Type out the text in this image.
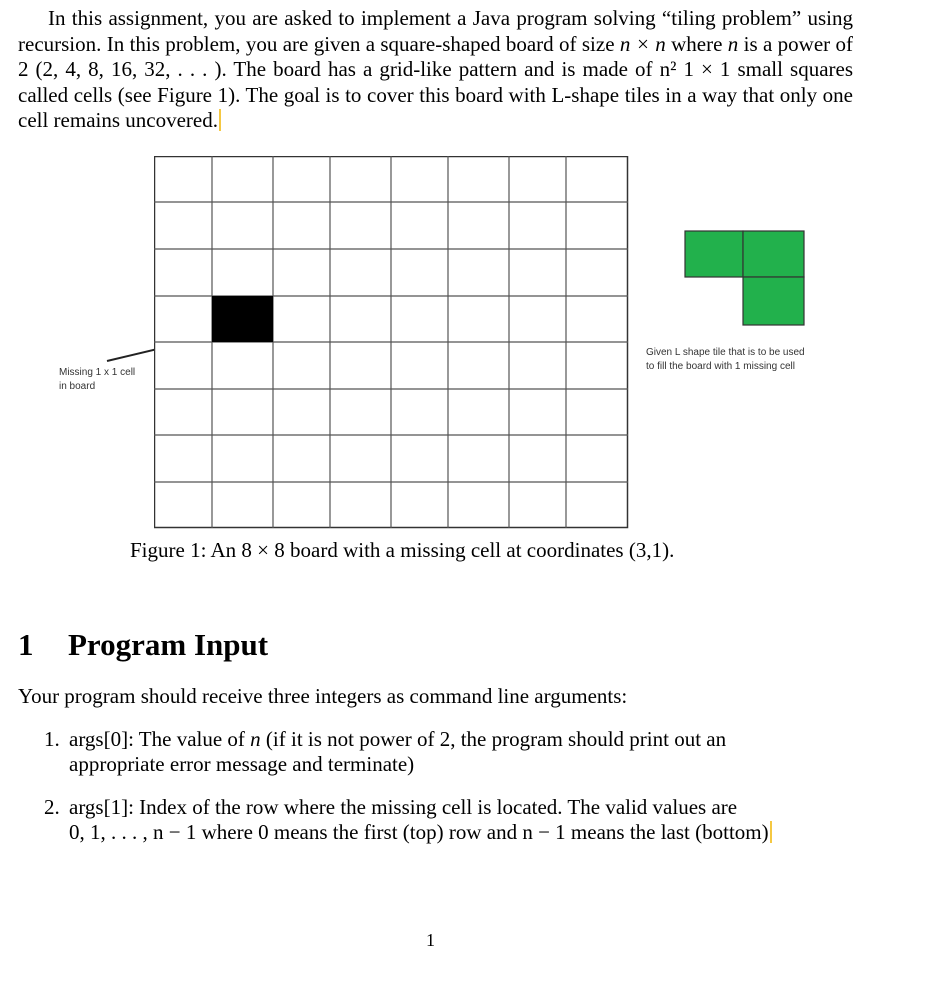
In this assignment, you are asked to implement a Java program solving “tiling problem” using recursion. In this problem, you are given a square-shaped board of size n × n where n is a power of 2 (2, 4, 8, 16, 32, . . . ). The board has a grid-like pattern and is made of n² 1 × 1 small squares called cells (see Figure 1). The goal is to cover this board with L-shape tiles in a way that only one cell remains uncovered.
Missing 1 x 1 cell
in board
Given L shape tile that is to be used
to fill the board with 1 missing cell
Figure 1: An 8 × 8 board with a missing cell at coordinates (3,1).
1 Program Input
Your program should receive three integers as command line arguments:
1. args[0]: The value of n (if it is not power of 2, the program should print out an
appropriate error message and terminate)
2. args[1]: Index of the row where the missing cell is located. The valid values are
0, 1, . . . , n − 1 where 0 means the first (top) row and n − 1 means the last (bottom)
1
